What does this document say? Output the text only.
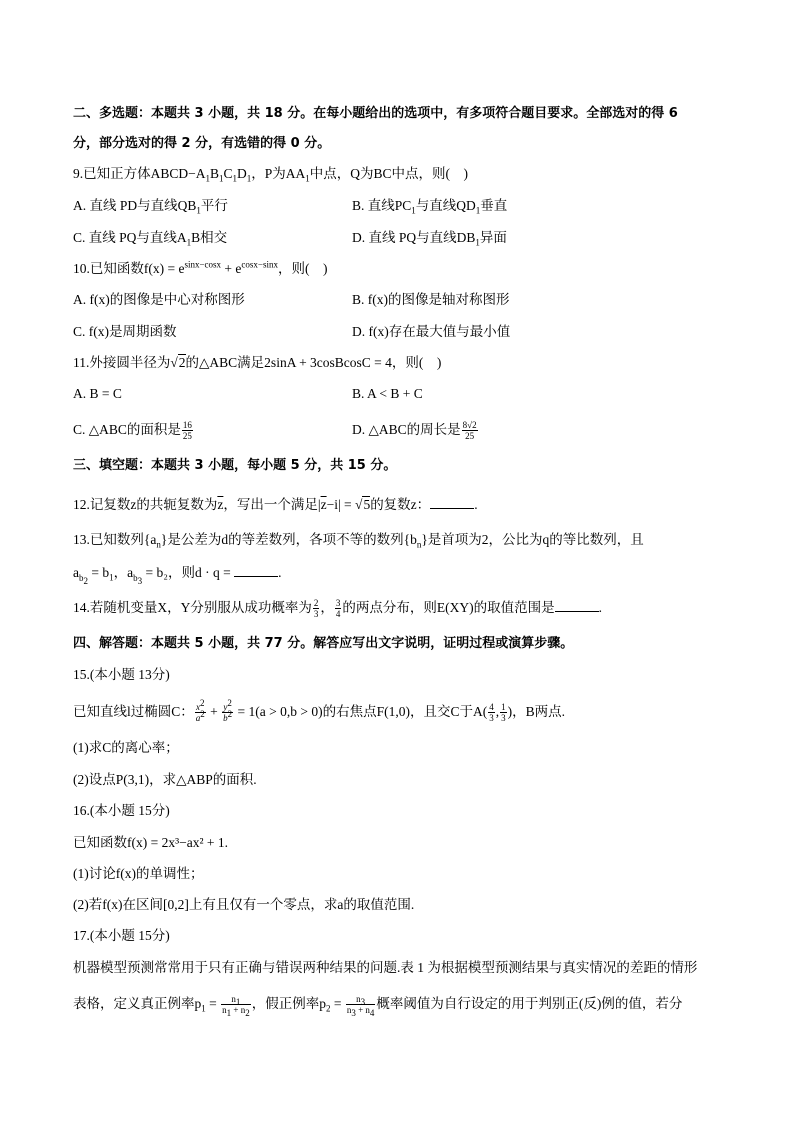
二、多选题：本题共 3 小题，共 18 分。在每小题给出的选项中，有多项符合题目要求。全部选对的得 6
分，部分选对的得 2 分，有选错的得 0 分。
9.已知正方体$ABCD-A_1B_1C_1D_1$，P为$AA_1$中点，Q为BC中点，则(　)
A. 直线 PD与直线$QB_1$平行	B. 直线$PC_1$与直线$QD_1$垂直
C. 直线 PQ与直线$A_1B$相交	D. 直线 PQ与直线$DB_1$异面
10.已知函数$f(x) = e^{sinx-cosx} + e^{cosx-sinx}$，则(　)
A. f(x)的图像是中心对称图形	B. f(x)的图像是轴对称图形
C. f(x)是周期函数	D. f(x)存在最大值与最小值
11.外接圆半径为√2的△ABC满足2sinA + 3cosBcosC = 4，则(　)
A. B = C	B. A < B + C
C. △ABC的面积是 $\frac{16}{25}$	D. △ABC的周长是 $\frac{8√2}{25}$
三、填空题：本题共 3 小题，每小题 5 分，共 15 分。
12.记复数z的共轭复数为$\overline{z}$，写出一个满足$|\overline{z}-i| = √5$的复数z：	.
13.已知数列$\{a_n\}$是公差为d的等差数列，各项不等的数列$\{b_n\}$是首项为2，公比为q的等比数列，且
$a_{b_2} = b_1$，$a_{b_3} = b_2$，则d · q =	.
14.若随机变量X，Y分别服从成功概率为 $\frac{2}{3}$ ， $\frac{3}{4}$ 的两点分布，则E(XY)的取值范围是	.
四、解答题：本题共 5 小题，共 77 分。解答应写出文字说明，证明过程或演算步骤。
15.(本小题 13分)
已知直线l过椭圆C： $\frac{x^2}{a^2} + \frac{y^2}{b^2} = 1(a > 0,b > 0)$的右焦点F(1,0)，且交C于$A( \frac{4}{3}$ , $\frac{1}{3}$ )，B两点.
(1)求C的离心率；
(2)设点P(3,1)，求△ABP的面积.
16.(本小题 15分)
已知函数f(x) = 2x³−ax² + 1.
(1)讨论f(x)的单调性；
(2)若f(x)在区间[0,2]上有且仅有一个零点，求a的取值范围.
17.(本小题 15分)
机器模型预测常常用于只有正确与错误两种结果的问题.表 1 为根据模型预测结果与真实情况的差距的情形
表格，定义真正例率$p_1 = \frac{n_1}{n_1 + n_2}$ ，假正例率$p_2 = \frac{n_3}{n_3 + n_4}$ 概率阈值为自行设定的用于判别正(反)例的值，若分
